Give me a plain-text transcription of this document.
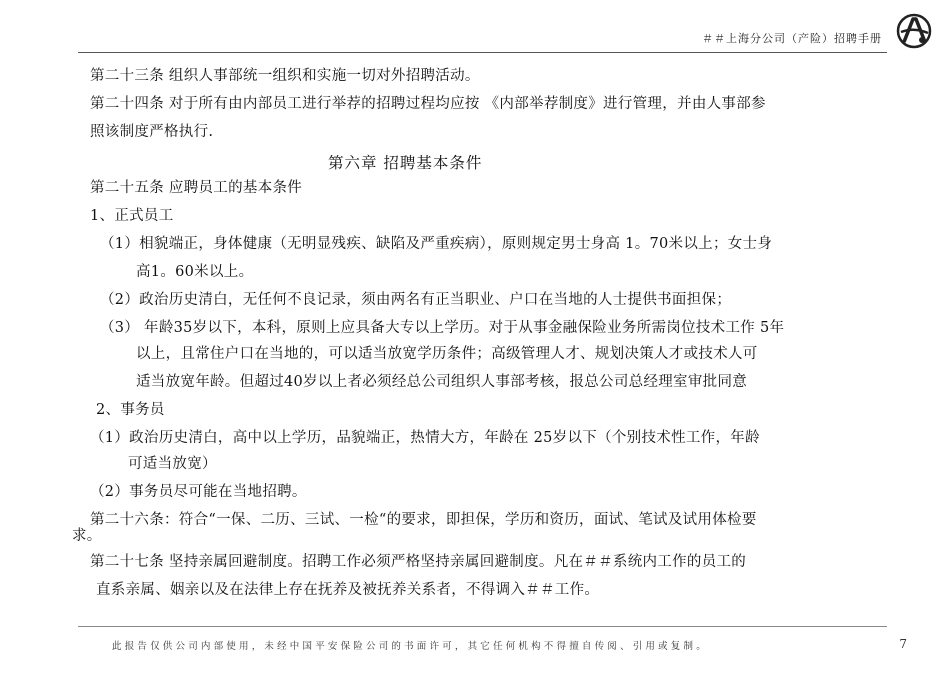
＃＃上海分公司（产险）招聘手册
第二十三条 组织人事部统一组织和实施一切对外招聘活动。
第二十四条 对于所有由内部员工进行举荐的招聘过程均应按 《内部举荐制度》进行管理，并由人事部参
照该制度严格执行.
第六章 招聘基本条件
第二十五条 应聘员工的基本条件
1、正式员工
（1）相貌端正，身体健康（无明显残疾、缺陷及严重疾病），原则规定男士身高 1。70米以上；女士身
高1。60米以上。
（2）政治历史清白，无任何不良记录，须由两名有正当职业、户口在当地的人士提供书面担保；
（3） 年龄35岁以下，本科，原则上应具备大专以上学历。对于从事金融保险业务所需岗位技术工作 5年
以上，且常住户口在当地的，可以适当放宽学历条件；高级管理人才、规划决策人才或技术人可
适当放宽年龄。但超过40岁以上者必须经总公司组织人事部考核，报总公司总经理室审批同意
2、事务员
（1）政治历史清白，高中以上学历，品貌端正，热情大方，年龄在 25岁以下（个别技术性工作，年龄
可适当放宽）
（2）事务员尽可能在当地招聘。
第二十六条：符合“一保、二历、三试、一检“的要求，即担保，学历和资历，面试、笔试及试用体检要
求。
第二十七条 坚持亲属回避制度。招聘工作必须严格坚持亲属回避制度。凡在＃＃系统内工作的员工的
直系亲属、姻亲以及在法律上存在抚养及被抚养关系者，不得调入＃＃工作。
此报告仅供公司内部使用，未经中国平安保险公司的书面许可，其它任何机构不得擅自传阅、引用或复制。	7
